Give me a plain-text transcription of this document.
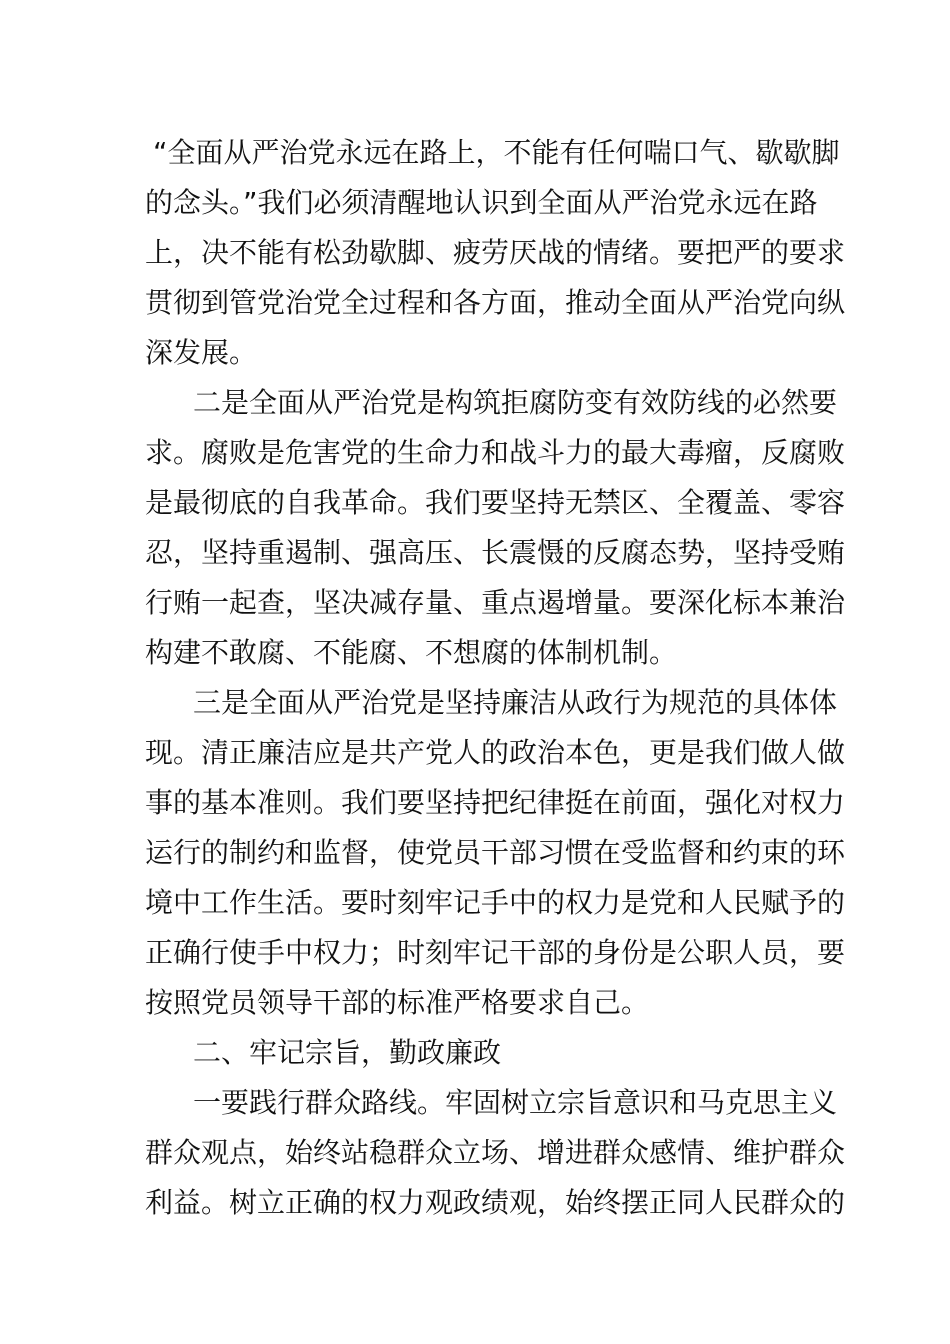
“全面从严治党永远在路上，不能有任何喘口气、歇歇脚
的念头。”我们必须清醒地认识到全面从严治党永远在路
上，决不能有松劲歇脚、疲劳厌战的情绪。要把严的要求
贯彻到管党治党全过程和各方面，推动全面从严治党向纵
深发展。
二是全面从严治党是构筑拒腐防变有效防线的必然要
求。腐败是危害党的生命力和战斗力的最大毒瘤，反腐败
是最彻底的自我革命。我们要坚持无禁区、全覆盖、零容
忍，坚持重遏制、强高压、长震慑的反腐态势，坚持受贿
行贿一起查，坚决减存量、重点遏增量。要深化标本兼治
构建不敢腐、不能腐、不想腐的体制机制。
三是全面从严治党是坚持廉洁从政行为规范的具体体
现。清正廉洁应是共产党人的政治本色，更是我们做人做
事的基本准则。我们要坚持把纪律挺在前面，强化对权力
运行的制约和监督，使党员干部习惯在受监督和约束的环
境中工作生活。要时刻牢记手中的权力是党和人民赋予的
正确行使手中权力；时刻牢记干部的身份是公职人员，要
按照党员领导干部的标准严格要求自己。
二、牢记宗旨，勤政廉政
一要践行群众路线。牢固树立宗旨意识和马克思主义
群众观点，始终站稳群众立场、增进群众感情、维护群众
利益。树立正确的权力观政绩观，始终摆正同人民群众的
